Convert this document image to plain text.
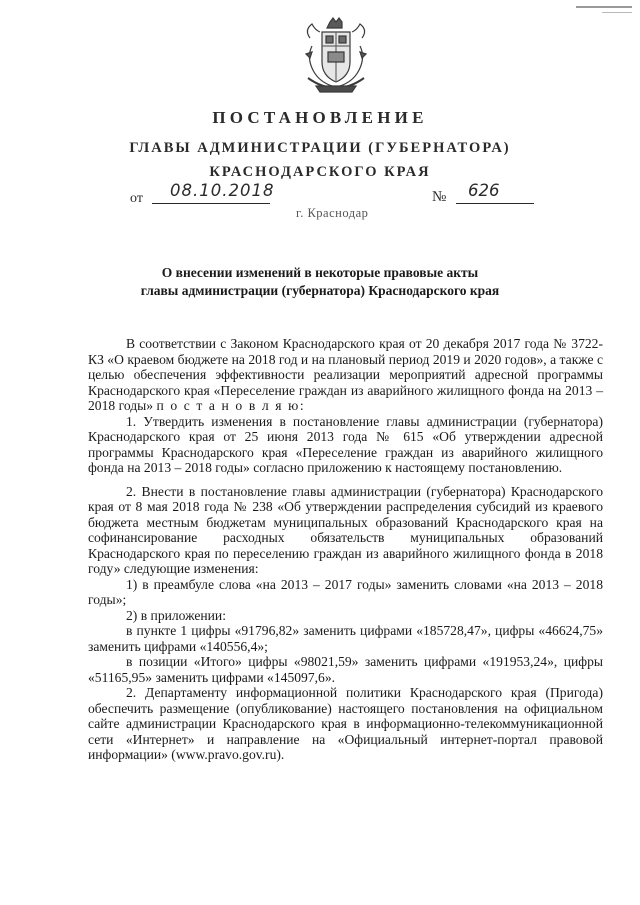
ПОСТАНОВЛЕНИЕ
ГЛАВЫ АДМИНИСТРАЦИИ (ГУБЕРНАТОРА)
КРАСНОДАРСКОГО КРАЯ
от 08.10.2018	№ 626
г. Краснодар
О внесении изменений в некоторые правовые акты
главы администрации (губернатора) Краснодарского края

В соответствии с Законом Краснодарского края от 20 декабря 2017 года № 3722-КЗ «О краевом бюджете на 2018 год и на плановый период 2019 и 2020 годов», а также с целью обеспечения эффективности реализации мероприятий адресной программы Краснодарского края «Переселение граждан из аварийного жилищного фонда на 2013 – 2018 годы» п о с т а н о в л я ю:

1. Утвердить изменения в постановление главы администрации (губернатора) Краснодарского края от 25 июня 2013 года № 615 «Об утверждении адресной программы Краснодарского края «Переселение граждан из аварийного жилищного фонда на 2013 – 2018 годы» согласно приложению к настоящему постановлению.

2. Внести в постановление главы администрации (губернатора) Краснодарского края от 8 мая 2018 года № 238 «Об утверждении распределения субсидий из краевого бюджета местным бюджетам муниципальных образований Краснодарского края на софинансирование расходных обязательств муниципальных образований Краснодарского края по переселению граждан из аварийного жилищного фонда в 2018 году» следующие изменения:

1) в преамбуле слова «на 2013 – 2017 годы» заменить словами «на 2013 – 2018 годы»;

2) в приложении:

в пункте 1 цифры «91796,82» заменить цифрами «185728,47», цифры «46624,75» заменить цифрами «140556,4»;

в позиции «Итого» цифры «98021,59» заменить цифрами «191953,24», цифры «51165,95» заменить цифрами «145097,6».

2. Департаменту информационной политики Краснодарского края (Пригода) обеспечить размещение (опубликование) настоящего постановления на официальном сайте администрации Краснодарского края в информационно-телекоммуникационной сети «Интернет» и направление на «Официальный интернет-портал правовой информации» (www.pravo.gov.ru).
